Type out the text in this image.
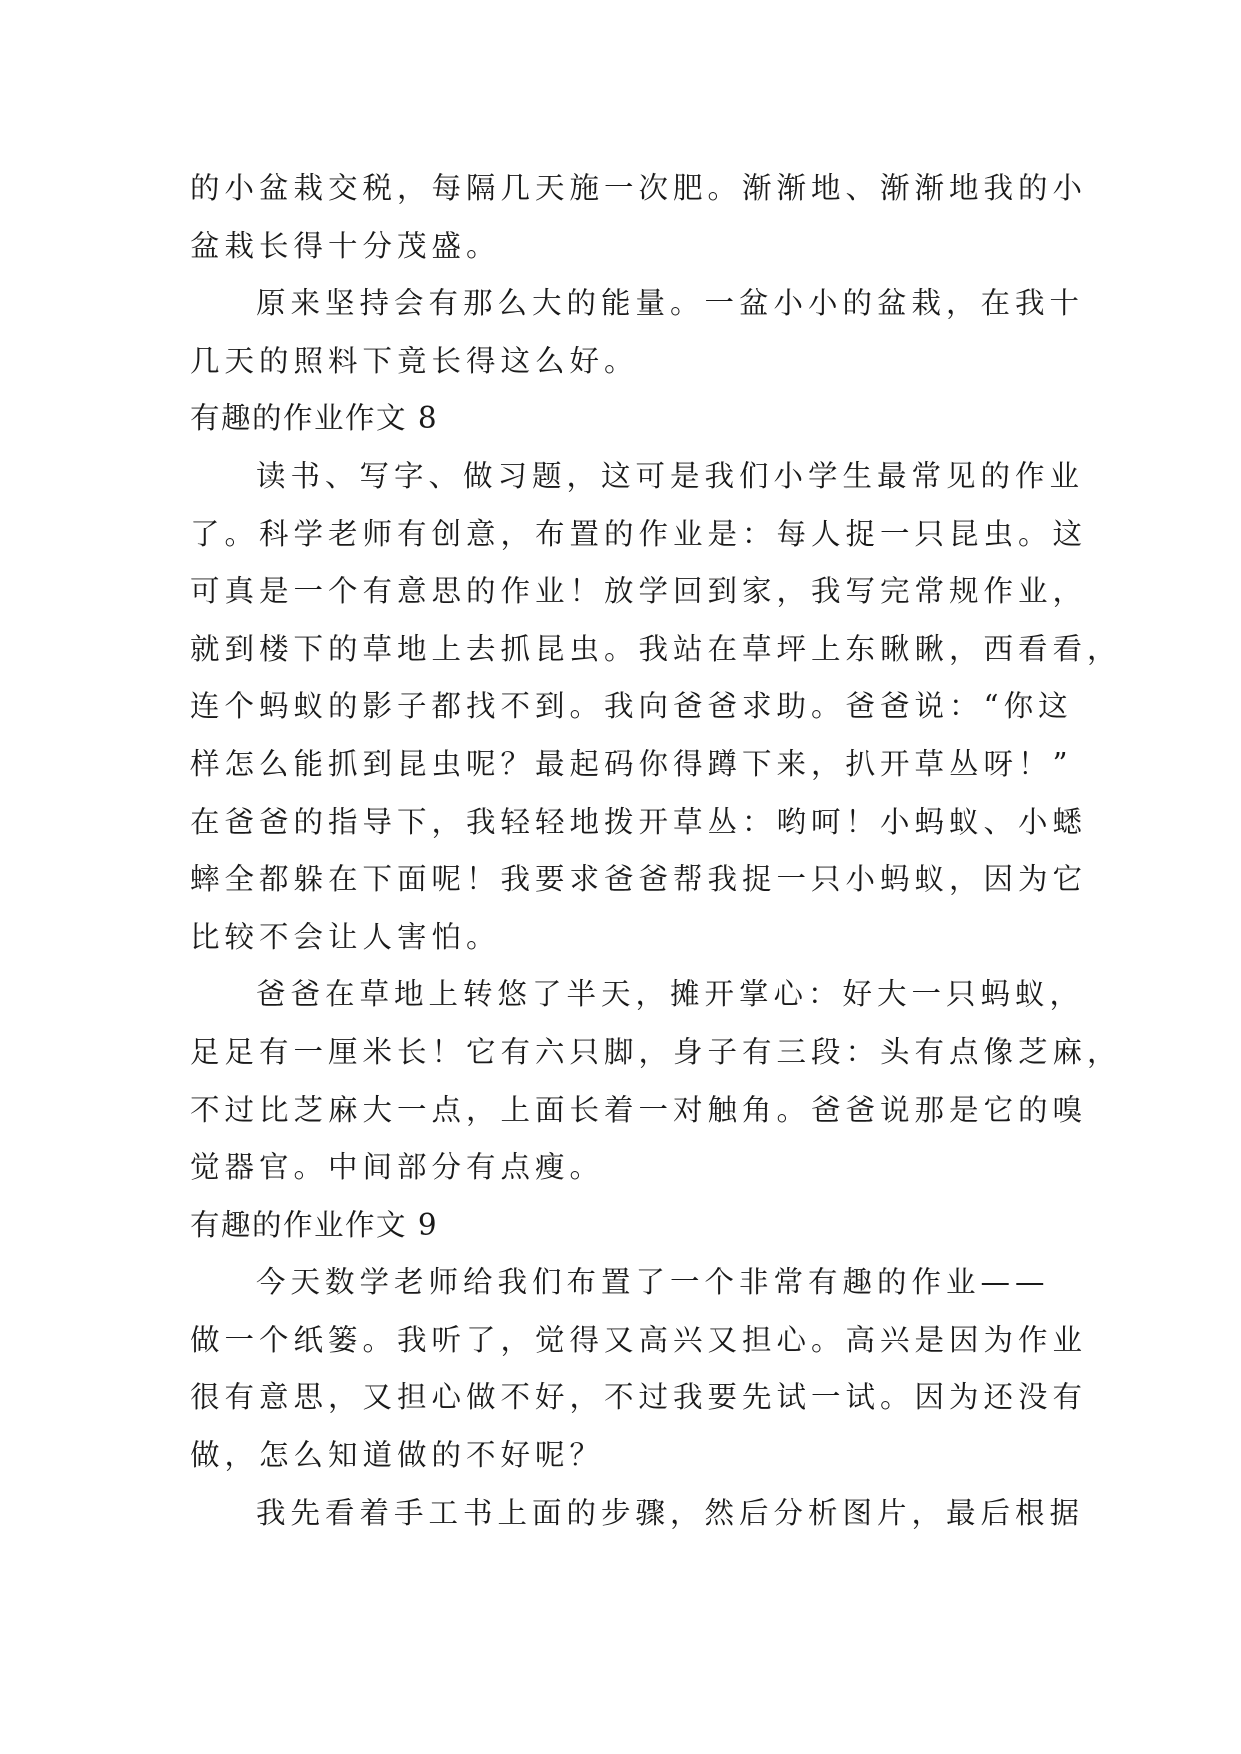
的小盆栽交税，每隔几天施一次肥。渐渐地、渐渐地我的小
盆栽长得十分茂盛。
原来坚持会有那么大的能量。一盆小小的盆栽，在我十
几天的照料下竟长得这么好。
有趣的作业作文 8
读书、写字、做习题，这可是我们小学生最常见的作业
了。科学老师有创意，布置的作业是：每人捉一只昆虫。这
可真是一个有意思的作业！放学回到家，我写完常规作业，
就到楼下的草地上去抓昆虫。我站在草坪上东瞅瞅，西看看，
连个蚂蚁的影子都找不到。我向爸爸求助。爸爸说：“你这
样怎么能抓到昆虫呢？最起码你得蹲下来，扒开草丛呀！”
在爸爸的指导下，我轻轻地拨开草丛：哟呵！小蚂蚁、小蟋
蟀全都躲在下面呢！我要求爸爸帮我捉一只小蚂蚁，因为它
比较不会让人害怕。
爸爸在草地上转悠了半天，摊开掌心：好大一只蚂蚁，
足足有一厘米长！它有六只脚，身子有三段：头有点像芝麻，
不过比芝麻大一点，上面长着一对触角。爸爸说那是它的嗅
觉器官。中间部分有点瘦。
有趣的作业作文 9
今天数学老师给我们布置了一个非常有趣的作业——
做一个纸篓。我听了，觉得又高兴又担心。高兴是因为作业
很有意思，又担心做不好，不过我要先试一试。因为还没有
做，怎么知道做的不好呢？
我先看着手工书上面的步骤，然后分析图片，最后根据
